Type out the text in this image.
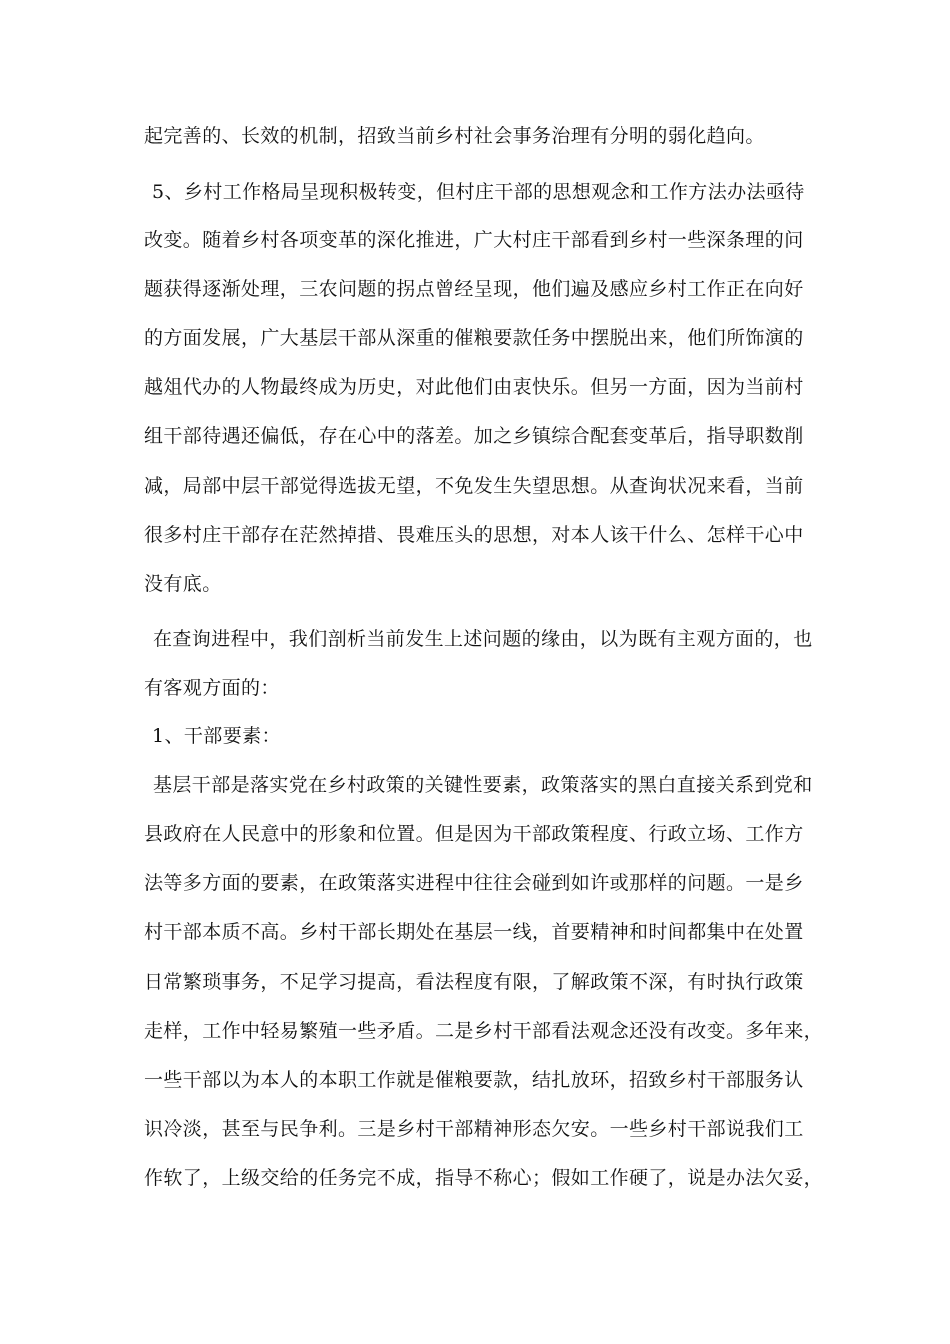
起完善的、长效的机制，招致当前乡村社会事务治理有分明的弱化趋向。

5、乡村工作格局呈现积极转变，但村庄干部的思想观念和工作方法办法亟待

改变。随着乡村各项变革的深化推进，广大村庄干部看到乡村一些深条理的问

题获得逐渐处理，三农问题的拐点曾经呈现，他们遍及感应乡村工作正在向好

的方面发展，广大基层干部从深重的催粮要款任务中摆脱出来，他们所饰演的

越俎代办的人物最终成为历史，对此他们由衷快乐。但另一方面，因为当前村

组干部待遇还偏低，存在心中的落差。加之乡镇综合配套变革后，指导职数削

减，局部中层干部觉得选拔无望，不免发生失望思想。从查询状况来看，当前

很多村庄干部存在茫然掉措、畏难压头的思想，对本人该干什么、怎样干心中

没有底。

在查询进程中，我们剖析当前发生上述问题的缘由，以为既有主观方面的，也

有客观方面的：

1、干部要素：

基层干部是落实党在乡村政策的关键性要素，政策落实的黑白直接关系到党和

县政府在人民意中的形象和位置。但是因为干部政策程度、行政立场、工作方

法等多方面的要素，在政策落实进程中往往会碰到如许或那样的问题。一是乡

村干部本质不高。乡村干部长期处在基层一线，首要精神和时间都集中在处置

日常繁琐事务，不足学习提高，看法程度有限，了解政策不深，有时执行政策

走样，工作中轻易繁殖一些矛盾。二是乡村干部看法观念还没有改变。多年来，

一些干部以为本人的本职工作就是催粮要款，结扎放环，招致乡村干部服务认

识冷淡，甚至与民争利。三是乡村干部精神形态欠安。一些乡村干部说我们工

作软了，上级交给的任务完不成，指导不称心；假如工作硬了，说是办法欠妥，
